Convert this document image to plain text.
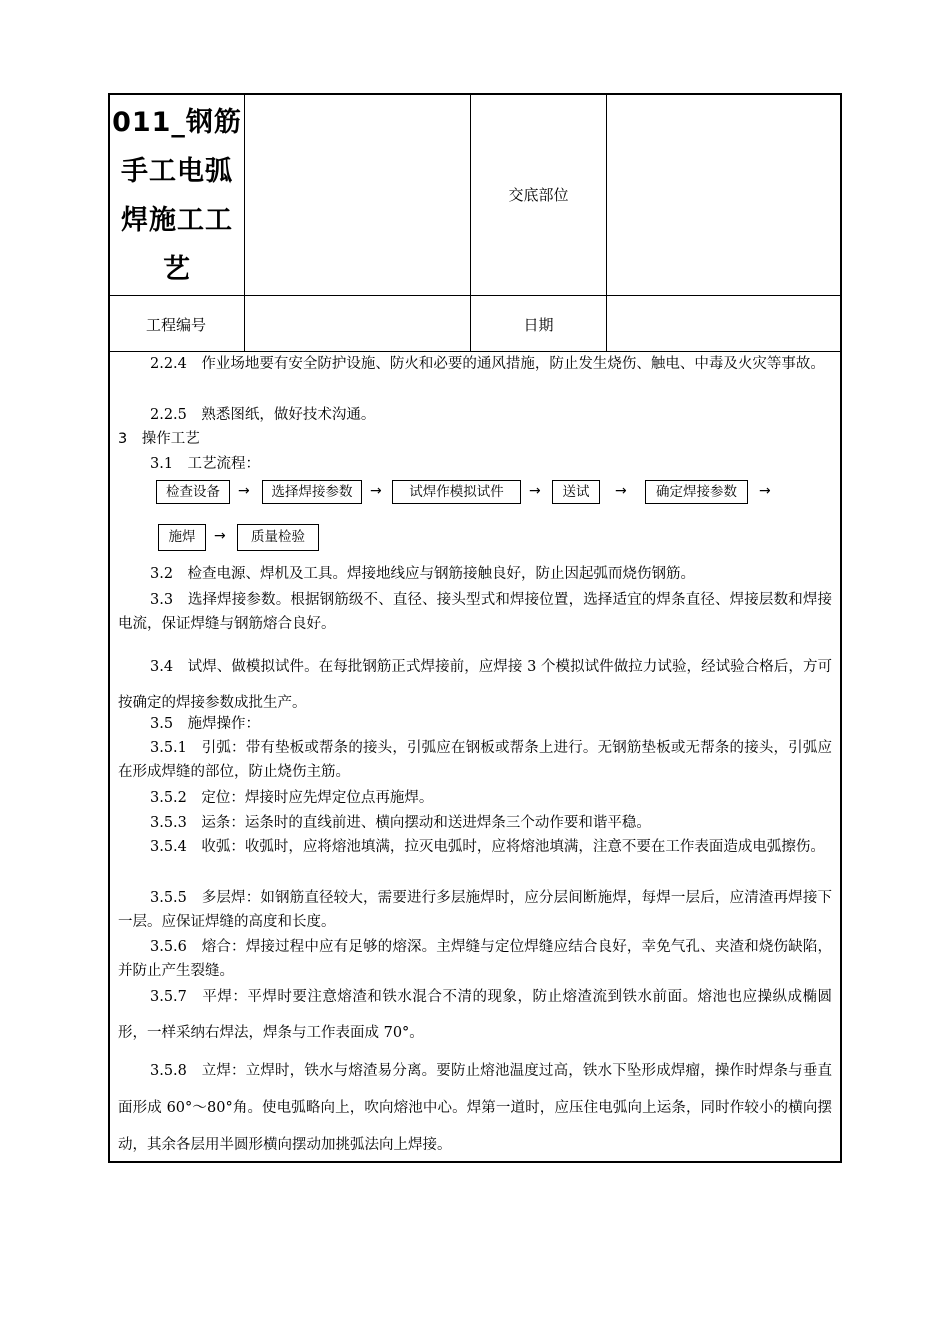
011_钢筋
手工电弧
焊施工工
艺
交底部位
工程编号	日期
2.2.4　作业场地要有安全防护设施、防火和必要的通风措施，防止发生烧伤、触电、中毒及火灾等事故。
2.2.5　熟悉图纸，做好技术沟通。
3　操作工艺
3.1　工艺流程：
检查设备	→	选择焊接参数	→	试焊作模拟试件	→	送试	→	确定焊接参数	→
施焊	→	质量检验
3.2　检查电源、焊机及工具。焊接地线应与钢筋接触良好，防止因起弧而烧伤钢筋。
3.3　选择焊接参数。根据钢筋级不、直径、接头型式和焊接位置，选择适宜的焊条直径、焊接层数和焊接电流，保证焊缝与钢筋熔合良好。
3.4　试焊、做模拟试件。在每批钢筋正式焊接前，应焊接 3 个模拟试件做拉力试验，经试验合格后，方可按确定的焊接参数成批生产。
3.5　施焊操作：
3.5.1　引弧：带有垫板或帮条的接头，引弧应在钢板或帮条上进行。无钢筋垫板或无帮条的接头，引弧应在形成焊缝的部位，防止烧伤主筋。
3.5.2　定位：焊接时应先焊定位点再施焊。
3.5.3　运条：运条时的直线前进、横向摆动和送进焊条三个动作要和谐平稳。
3.5.4　收弧：收弧时，应将熔池填满，拉灭电弧时，应将熔池填满，注意不要在工作表面造成电弧擦伤。
3.5.5　多层焊：如钢筋直径较大，需要进行多层施焊时，应分层间断施焊，每焊一层后，应清渣再焊接下一层。应保证焊缝的高度和长度。
3.5.6　熔合：焊接过程中应有足够的熔深。主焊缝与定位焊缝应结合良好，幸免气孔、夹渣和烧伤缺陷，并防止产生裂缝。
3.5.7　平焊：平焊时要注意熔渣和铁水混合不清的现象，防止熔渣流到铁水前面。熔池也应操纵成椭圆形，一样采纳右焊法，焊条与工作表面成 70°。
3.5.8　立焊：立焊时，铁水与熔渣易分离。要防止熔池温度过高，铁水下坠形成焊瘤，操作时焊条与垂直面形成 60°～80°角。使电弧略向上，吹向熔池中心。焊第一道时，应压住电弧向上运条，同时作较小的横向摆动，其余各层用半圆形横向摆动加挑弧法向上焊接。
